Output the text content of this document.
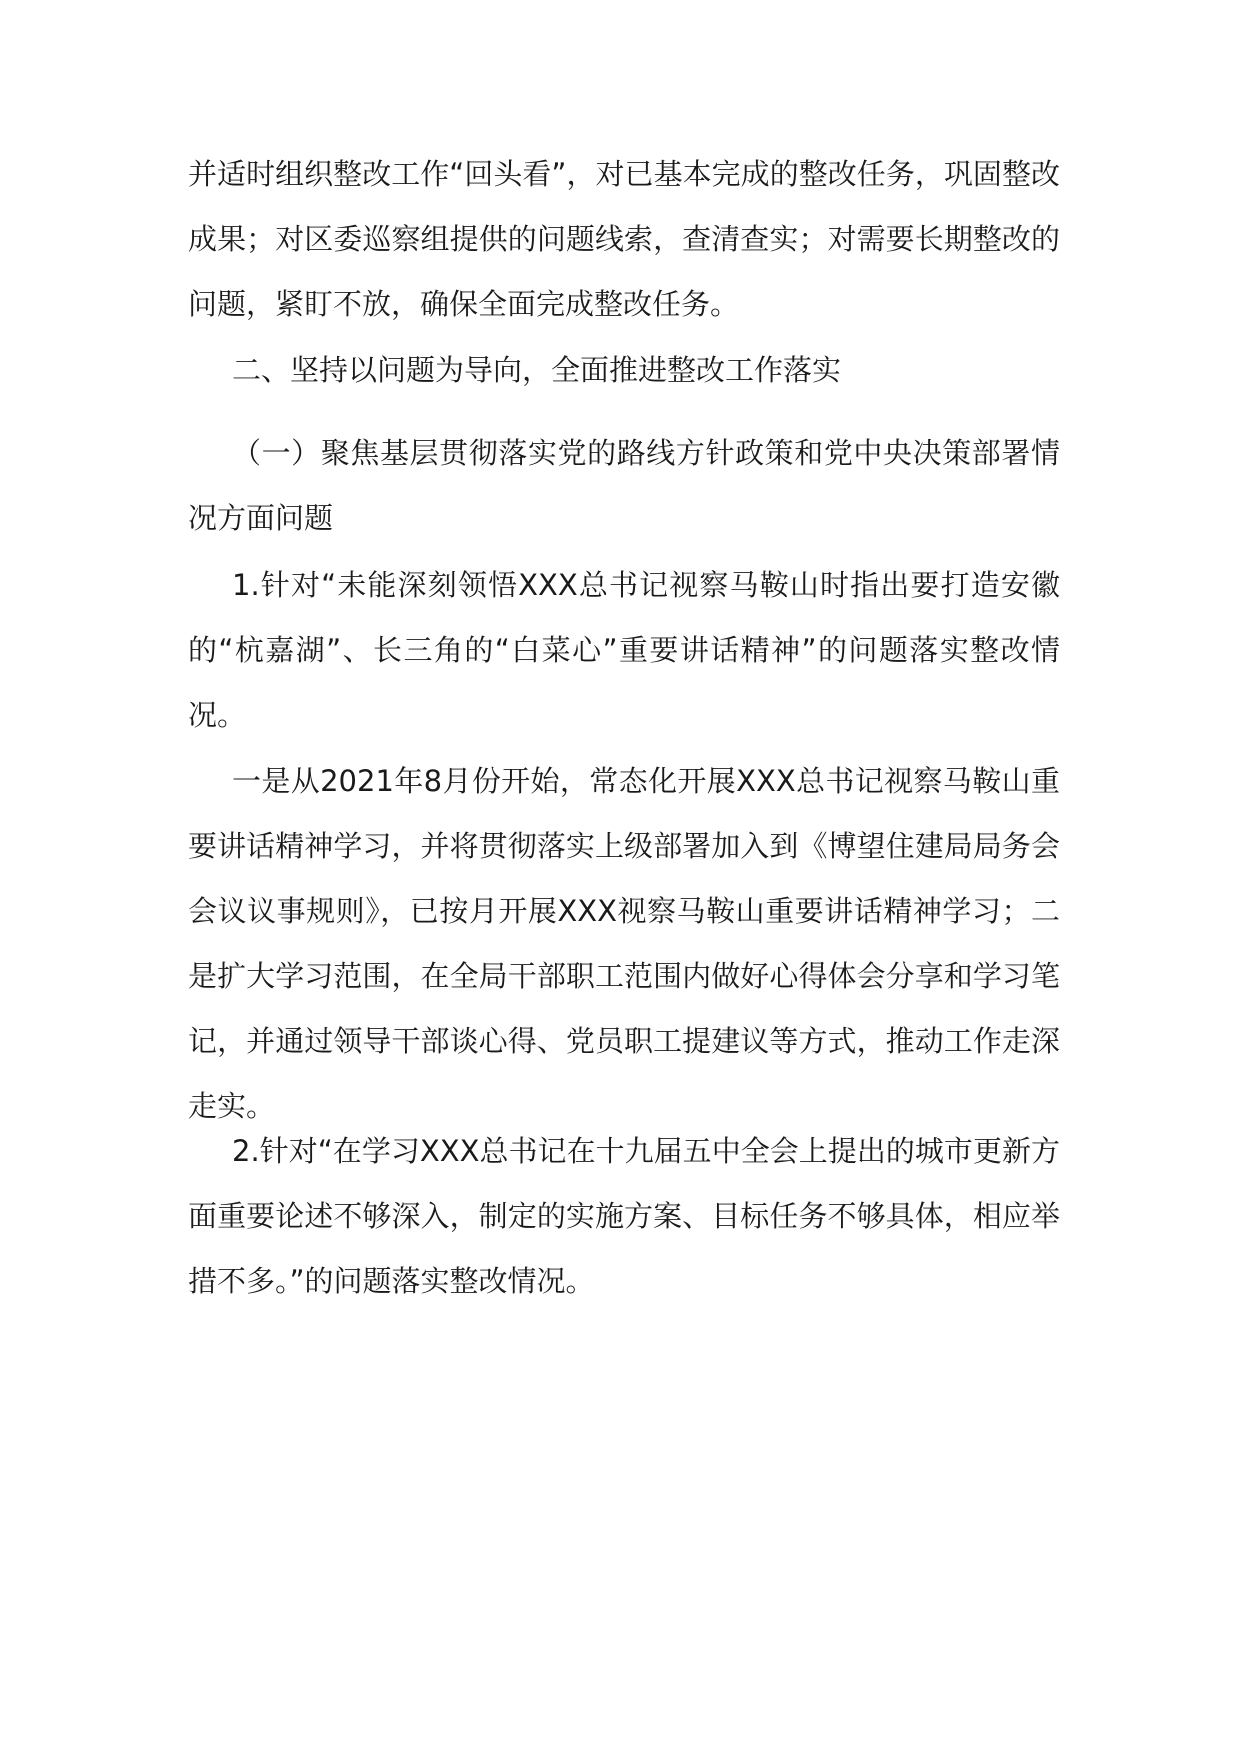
并适时组织整改工作“回头看”，对已基本完成的整改任务，巩固整改成果；对区委巡察组提供的问题线索，查清查实；对需要长期整改的问题，紧盯不放，确保全面完成整改任务。

二、坚持以问题为导向，全面推进整改工作落实

（一）聚焦基层贯彻落实党的路线方针政策和党中央决策部署情况方面问题

1.针对“未能深刻领悟XXX总书记视察马鞍山时指出要打造安徽的“杭嘉湖”、长三角的“白菜心”重要讲话精神”的问题落实整改情况。

一是从2021年8月份开始，常态化开展XXX总书记视察马鞍山重要讲话精神学习，并将贯彻落实上级部署加入到《博望住建局局务会会议议事规则》，已按月开展XXX视察马鞍山重要讲话精神学习；二是扩大学习范围，在全局干部职工范围内做好心得体会分享和学习笔记，并通过领导干部谈心得、党员职工提建议等方式，推动工作走深走实。

2.针对“在学习XXX总书记在十九届五中全会上提出的城市更新方面重要论述不够深入，制定的实施方案、目标任务不够具体，相应举措不多。”的问题落实整改情况。
